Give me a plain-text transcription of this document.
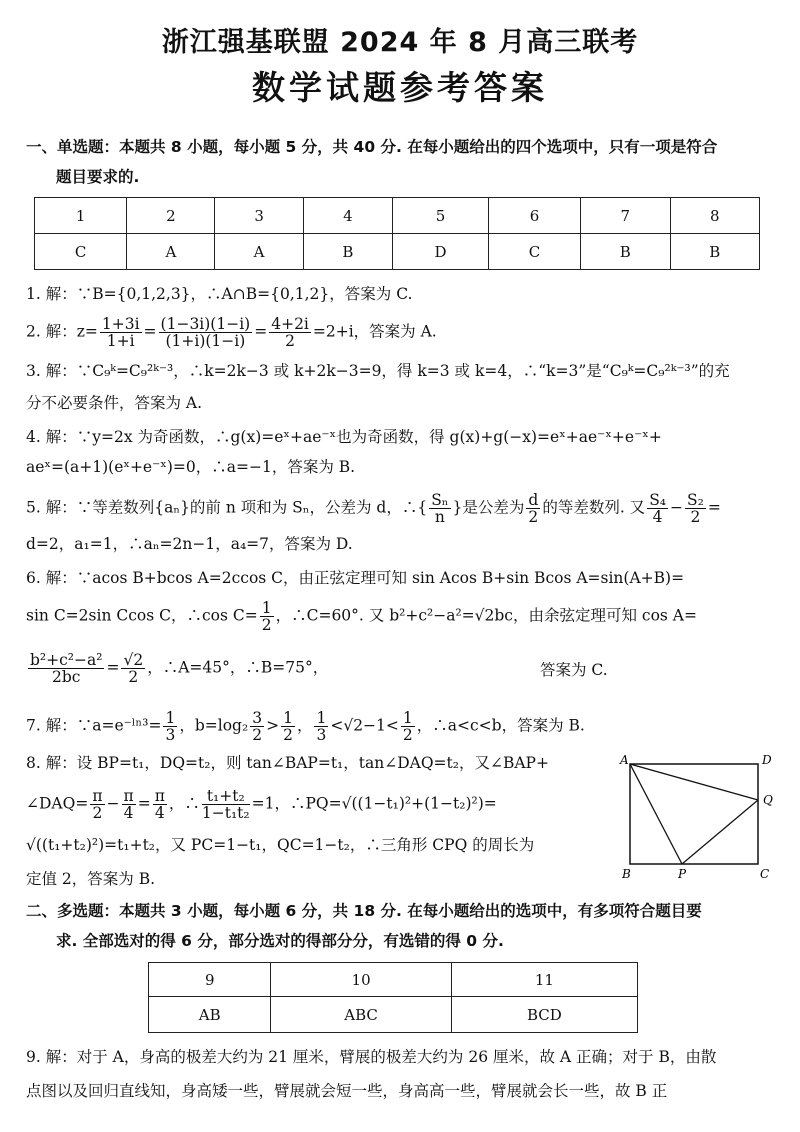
浙江强基联盟 2024 年 8 月高三联考
数学试题参考答案
一、单选题：本题共 8 小题，每小题 5 分，共 40 分. 在每小题给出的四个选项中，只有一项是符合
题目要求的.
1	2	3	4	5	6	7	8
C	A	A	B	D	C	B	B
1. 解：∵B={0,1,2,3}，∴A∩B={0,1,2}，答案为 C.
2. 解：$z= \frac{1+3i}{1+i} = \frac{(1-3i)(1-i)}{(1+i)(1-i)} = \frac{4+2i}{2} =2+i$，答案为 A.
3. 解：∵C₉ᵏ=C₉²ᵏ⁻³，∴k=2k−3 或 k+2k−3=9，得 k=3 或 k=4，∴“k=3”是“C₉ᵏ=C₉²ᵏ⁻³”的充
分不必要条件，答案为 A.
4. 解：∵y=2x 为奇函数，∴g(x)=eˣ+ae⁻ˣ也为奇函数，得 g(x)+g(−x)=eˣ+ae⁻ˣ+e⁻ˣ+
aeˣ=(a+1)(eˣ+e⁻ˣ)=0，∴a=−1，答案为 B.
5. 解：∵等差数列{aₙ}的前 n 项和为 Sₙ，公差为 d，∴{ $\frac{\text{Sₙ}}{n}$ }是公差为 $\frac{d}{2}$ 的等差数列. 又 $\frac{\text{S₄}}{4} - \frac{\text{S₂}}{2}$ =
d=2，a₁=1，∴aₙ=2n−1，a₄=7，答案为 D.
6. 解：∵acos B+bcos A=2ccos C，由正弦定理可知 sin Acos B+sin Bcos A=sin(A+B)=
sin C=2sin Ccos C，∴cos $C= \frac{1}{2}$ ，∴C=60°. 又 b²+c²−a²=√2bc，由余弦定理可知 cos A=
$\frac{\text{b²+c²−a²}}{2bc} = \frac{√2}{2}$ ，∴A=45°，∴B=75°，	答案为 C.
7. 解：∵a=e⁻ˡⁿ³= $\frac{1}{3}$ ，$b=\log_2 \frac{3}{2} > \frac{1}{2}$ ， $\frac{1}{3} <√2-1< \frac{1}{2}$ ，∴a<c<b，答案为 B.
8. 解：设 BP=t₁，DQ=t₂，则 tan∠BAP=t₁，tan∠DAQ=t₂，又∠BAP+
∠DAQ= $\frac{\pi}{2} - \frac{\pi}{4} = \frac{\pi}{4}$ ，∴ $\frac{\text{t₁+t₂}}{\text{1−t₁t₂}} =1$，∴PQ=√((1−t₁)²+(1−t₂)²)=
√((t₁+t₂)²)=t₁+t₂，又 PC=1−t₁，QC=1−t₂，∴三角形 CPQ 的周长为
定值 2，答案为 B.
A	D
Q
B	P	C
二、多选题：本题共 3 小题，每小题 6 分，共 18 分. 在每小题给出的选项中，有多项符合题目要
求. 全部选对的得 6 分，部分选对的得部分分，有选错的得 0 分.
9	10	11
AB	ABC	BCD
9. 解：对于 A，身高的极差大约为 21 厘米，臂展的极差大约为 26 厘米，故 A 正确；对于 B，由散
点图以及回归直线知，身高矮一些，臂展就会短一些，身高高一些，臂展就会长一些，故 B 正
